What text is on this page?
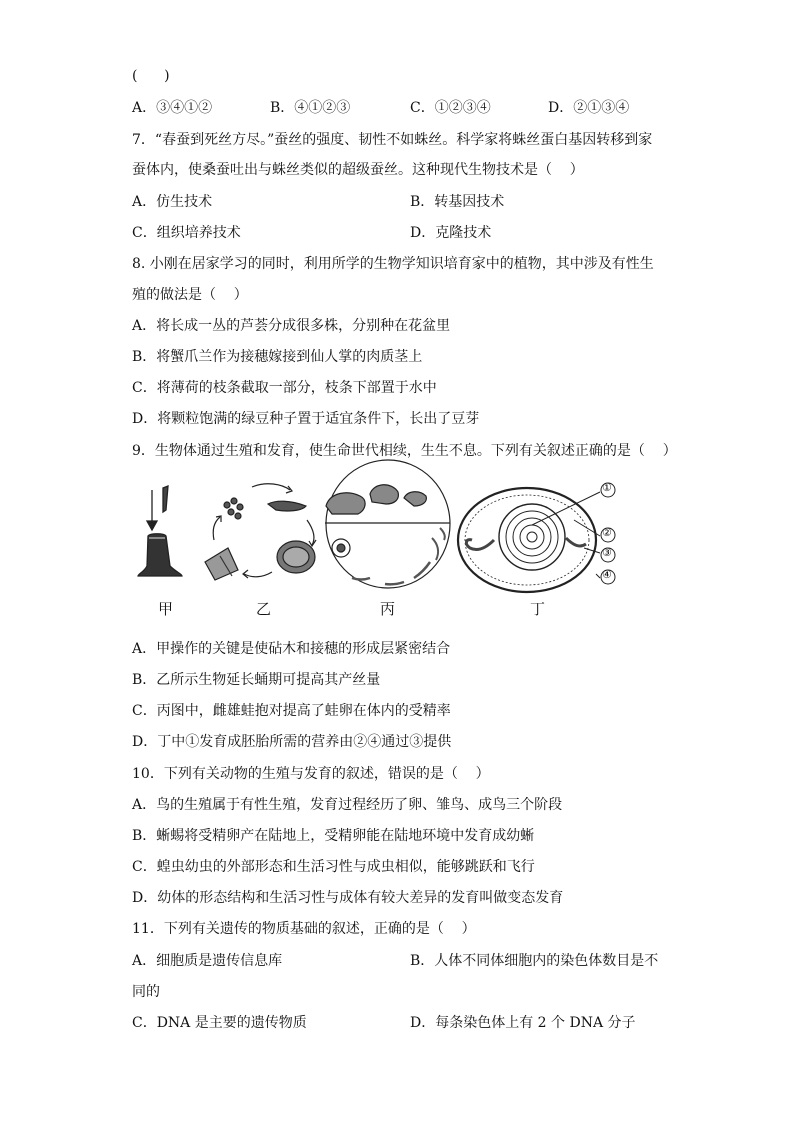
(      )
A．③④①②	B．④①②③	C．①②③④	D．②①③④
7．“春蚕到死丝方尽。”蚕丝的强度、韧性不如蛛丝。科学家将蛛丝蛋白基因转移到家
蚕体内，使桑蚕吐出与蛛丝类似的超级蚕丝。这种现代生物技术是（    ）
A．仿生技术	B．转基因技术
C．组织培养技术	D．克隆技术
8. 小刚在居家学习的同时，利用所学的生物学知识培育家中的植物，其中涉及有性生
殖的做法是（    ）
A．将长成一丛的芦荟分成很多株，分别种在花盆里
B．将蟹爪兰作为接穗嫁接到仙人掌的肉质茎上
C．将薄荷的枝条截取一部分，枝条下部置于水中
D．将颗粒饱满的绿豆种子置于适宜条件下，长出了豆芽
9．生物体通过生殖和发育，使生命世代相续，生生不息。下列有关叙述正确的是（    ）
①
②
③
④
甲	乙	丙	丁
A．甲操作的关键是使砧木和接穗的形成层紧密结合
B．乙所示生物延长蛹期可提高其产丝量
C．丙图中，雌雄蛙抱对提高了蛙卵在体内的受精率
D．丁中①发育成胚胎所需的营养由②④通过③提供
10．下列有关动物的生殖与发育的叙述，错误的是（    ）
A．鸟的生殖属于有性生殖，发育过程经历了卵、雏鸟、成鸟三个阶段
B．蜥蜴将受精卵产在陆地上，受精卵能在陆地环境中发育成幼蜥
C．蝗虫幼虫的外部形态和生活习性与成虫相似，能够跳跃和飞行
D．幼体的形态结构和生活习性与成体有较大差异的发育叫做变态发育
11．下列有关遗传的物质基础的叙述，正确的是（    ）
A．细胞质是遗传信息库	B．人体不同体细胞内的染色体数目是不
同的
C．DNA 是主要的遗传物质	D．每条染色体上有 2 个 DNA 分子
